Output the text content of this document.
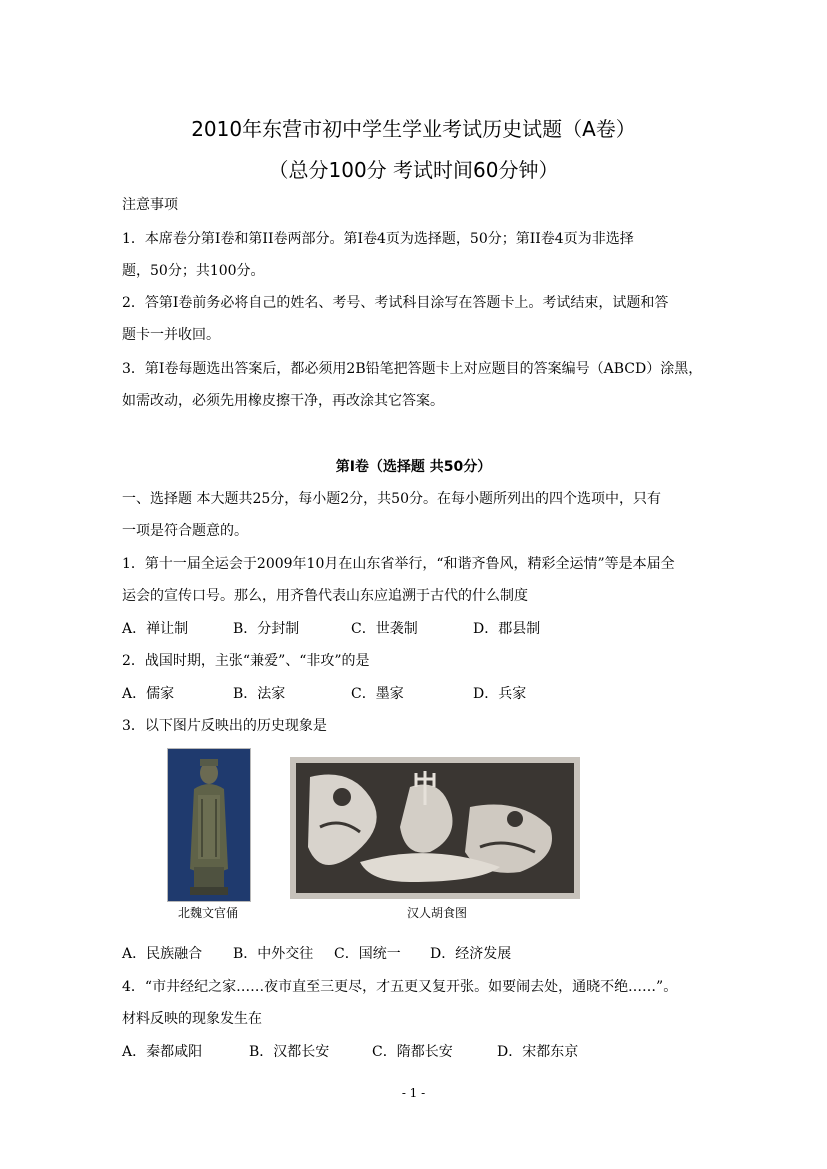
2010年东营市初中学生学业考试历史试题（A卷）
（总分100分 考试时间60分钟）
注意事项
1．本席卷分第Ⅰ卷和第II卷两部分。第Ⅰ卷4页为选择题，50分；第II卷4页为非选择
题，50分；共100分。
2．答第Ⅰ卷前务必将自己的姓名、考号、考试科目涂写在答题卡上。考试结束，试题和答
题卡一并收回。
3．第Ⅰ卷每题选出答案后，都必须用2B铅笔把答题卡上对应题目的答案编号（ABCD）涂黑，
如需改动，必须先用橡皮擦干净，再改涂其它答案。
第Ⅰ卷（选择题 共50分）
一、选择题 本大题共25分，每小题2分，共50分。在每小题所列出的四个选项中，只有
一项是符合题意的。
1．第十一届全运会于2009年10月在山东省举行，“和谐齐鲁风，精彩全运情”等是本届全
运会的宣传口号。那么，用齐鲁代表山东应追溯于古代的什么制度
A．禅让制	B．分封制	C．世袭制	D．郡县制
2．战国时期，主张“兼爱”、“非攻”的是
A．儒家	B．法家	C．墨家	D．兵家
3．以下图片反映出的历史现象是
北魏文官俑	汉人胡食图
A．民族融合 B．中外交往 C．国统一 D．经济发展
4．“市井经纪之家……夜市直至三更尽，才五更又复开张。如要闹去处，通晓不绝……”。
材料反映的现象发生在
A．秦都咸阳	B．汉都长安	C．隋都长安	D．宋都东京
- 1 -
